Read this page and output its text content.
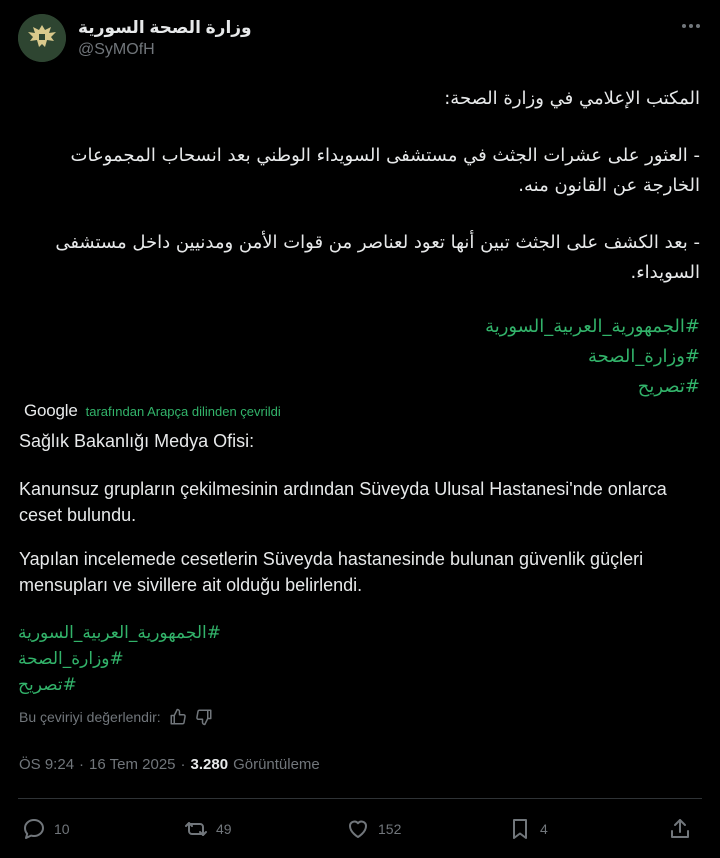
وزارة الصحة السورية
@SyMOfH
المكتب الإعلامي في وزارة الصحة:
- العثور على عشرات الجثث في مستشفى السويداء الوطني بعد انسحاب المجموعات الخارجة عن القانون منه.
- بعد الكشف على الجثث تبين أنها تعود لعناصر من قوات الأمن ومدنيين داخل مستشفى السويداء.
#الجمهورية_العربية_السورية
#وزارة_الصحة
#تصريح
Google tarafından Arapça dilinden çevrildi
Sağlık Bakanlığı Medya Ofisi:
Kanunsuz grupların çekilmesinin ardından Süveyda Ulusal Hastanesi'nde onlarca ceset bulundu.
Yapılan incelemede cesetlerin Süveyda hastanesinde bulunan güvenlik güçleri mensupları ve sivillere ait olduğu belirlendi.
#الجمهورية_العربية_السورية
#وزارة_الصحة
#تصريح
Bu çeviriyi değerlendir:
ÖS 9:24 · 16 Tem 2025 · 3.280 Görüntüleme
10	49	152	4
